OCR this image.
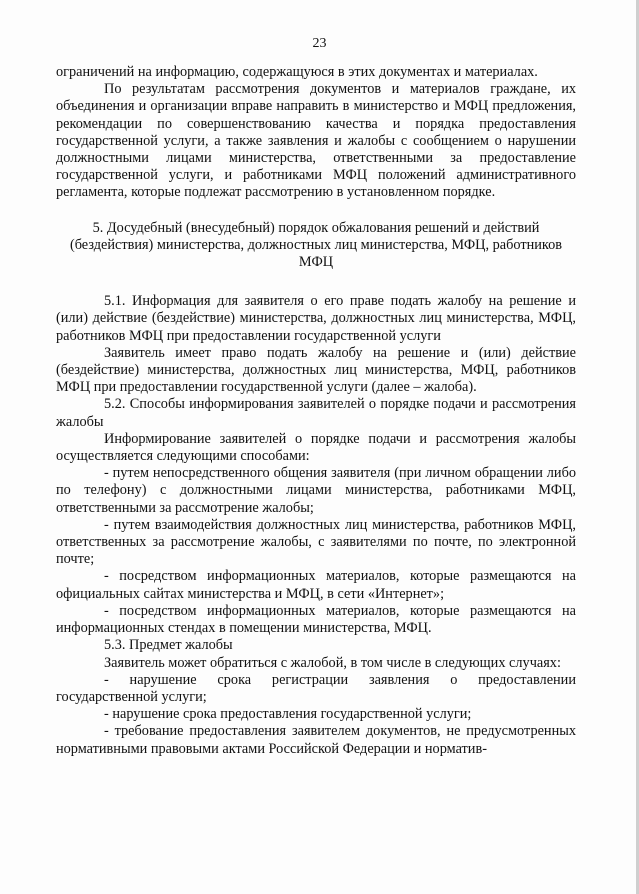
23

ограничений на информацию, содержащуюся в этих документах и материалах.

По результатам рассмотрения документов и материалов граждане, их объединения и организации вправе направить в министерство и МФЦ предложения, рекомендации по совершенствованию качества и порядка предоставления государственной услуги, а также заявления и жалобы с сообщением о нарушении должностными лицами министерства, ответственными за предоставление государственной услуги, и работниками МФЦ положений административного регламента, которые подлежат рассмотрению в установленном порядке.

5. Досудебный (внесудебный) порядок обжалования решений и действий (бездействия) министерства, должностных лиц министерства, МФЦ, работников МФЦ

5.1. Информация для заявителя о его праве подать жалобу на решение и (или) действие (бездействие) министерства, должностных лиц министерства, МФЦ, работников МФЦ при предоставлении государственной услуги

Заявитель имеет право подать жалобу на решение и (или) действие (бездействие) министерства, должностных лиц министерства, МФЦ, работников МФЦ при предоставлении государственной услуги (далее – жалоба).

5.2. Способы информирования заявителей о порядке подачи и рассмотрения жалобы

Информирование заявителей о порядке подачи и рассмотрения жалобы осуществляется следующими способами:

- путем непосредственного общения заявителя (при личном обращении либо по телефону) с должностными лицами министерства, работниками МФЦ, ответственными за рассмотрение жалобы;

- путем взаимодействия должностных лиц министерства, работников МФЦ, ответственных за рассмотрение жалобы, с заявителями по почте, по электронной почте;

- посредством информационных материалов, которые размещаются на официальных сайтах министерства и МФЦ, в сети «Интернет»;

- посредством информационных материалов, которые размещаются на информационных стендах в помещении министерства, МФЦ.

5.3. Предмет жалобы

Заявитель может обратиться с жалобой, в том числе в следующих случаях:

- нарушение срока регистрации заявления о предоставлении государственной услуги;

- нарушение срока предоставления государственной услуги;

- требование предоставления заявителем документов, не предусмотренных нормативными правовыми актами Российской Федерации и норматив-
